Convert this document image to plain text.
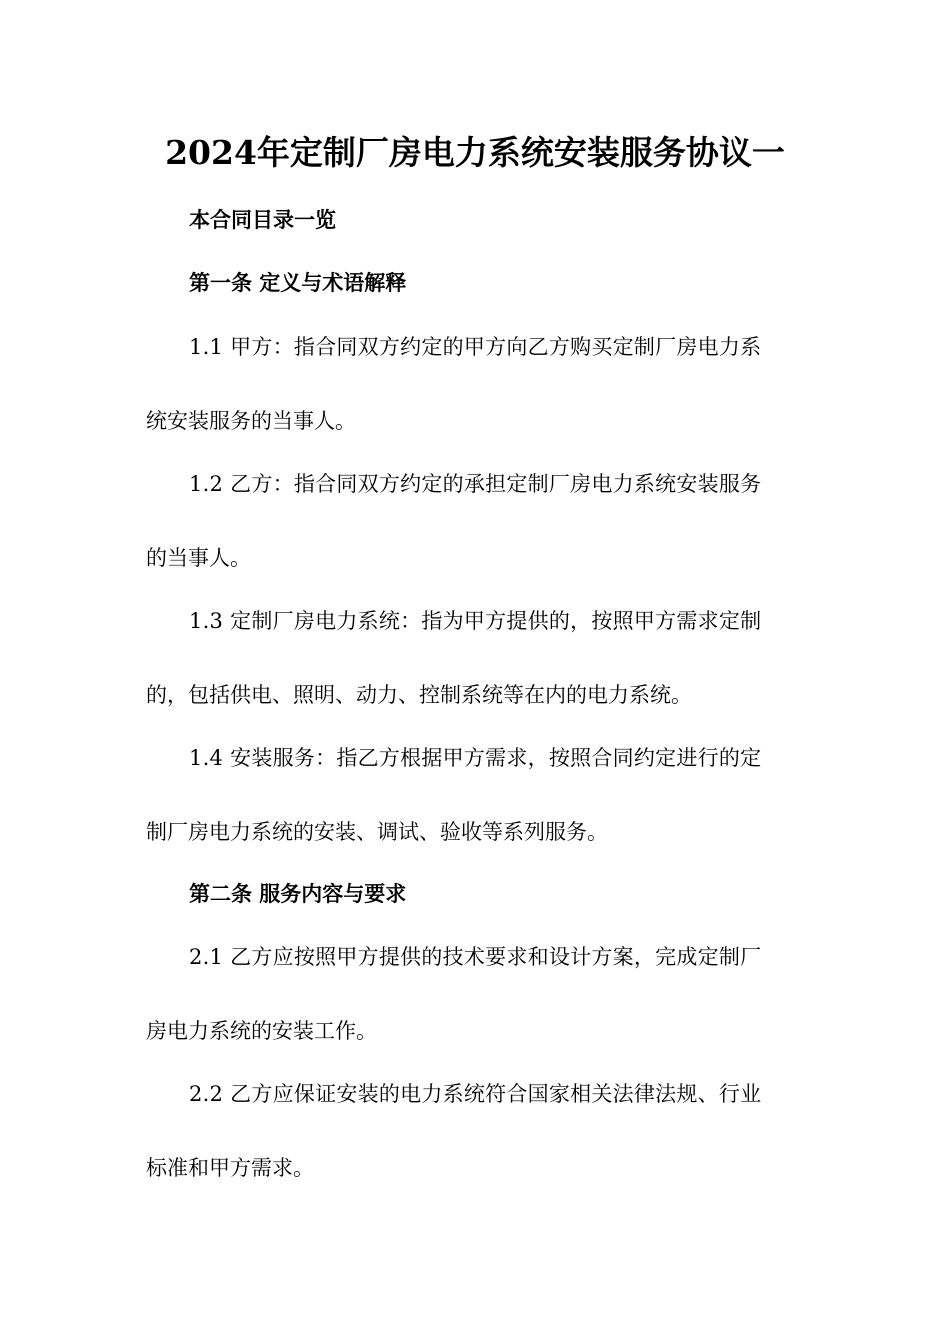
2024年定制厂房电力系统安装服务协议一
本合同目录一览
第一条 定义与术语解释
1.1 甲方：指合同双方约定的甲方向乙方购买定制厂房电力系
统安装服务的当事人。
1.2 乙方：指合同双方约定的承担定制厂房电力系统安装服务
的当事人。
1.3 定制厂房电力系统：指为甲方提供的，按照甲方需求定制
的，包括供电、照明、动力、控制系统等在内的电力系统。
1.4 安装服务：指乙方根据甲方需求，按照合同约定进行的定
制厂房电力系统的安装、调试、验收等系列服务。
第二条 服务内容与要求
2.1 乙方应按照甲方提供的技术要求和设计方案，完成定制厂
房电力系统的安装工作。
2.2 乙方应保证安装的电力系统符合国家相关法律法规、行业
标准和甲方需求。
